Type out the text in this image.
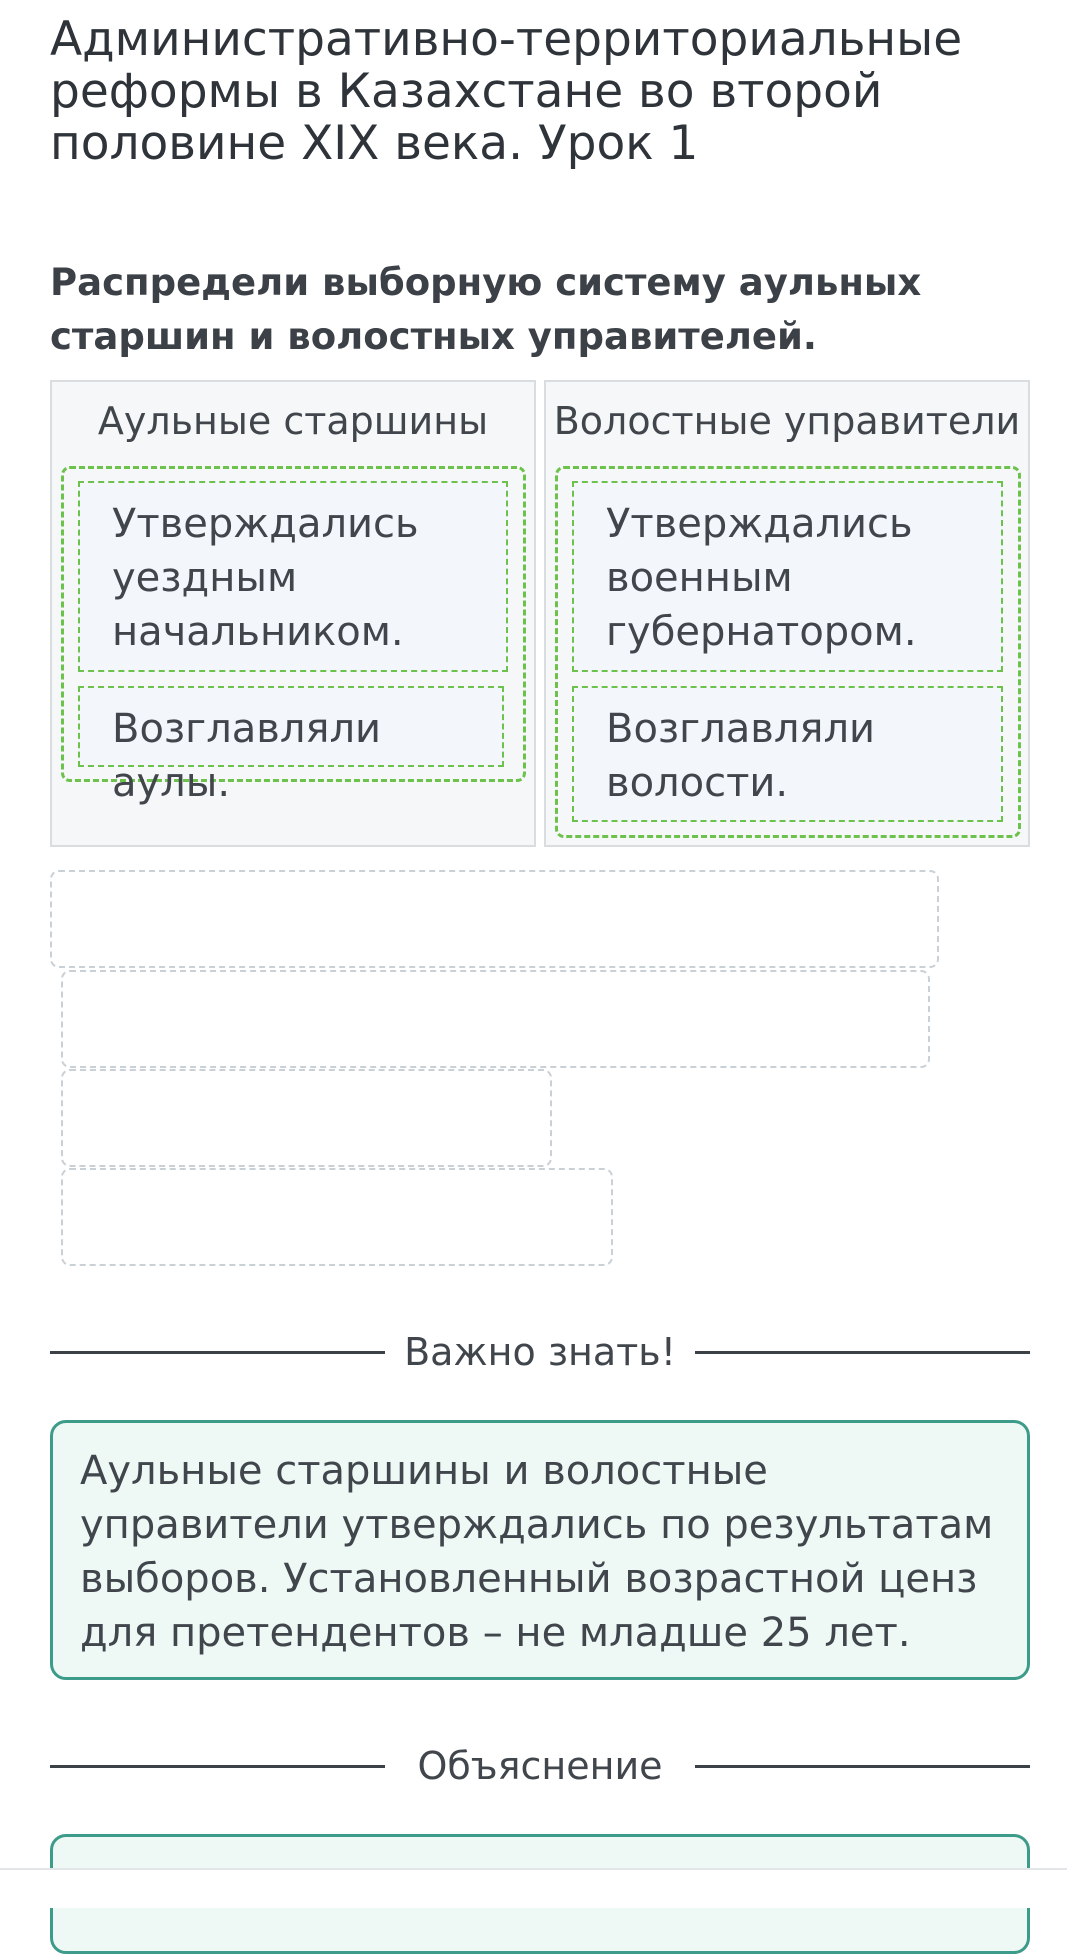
Административно-территориальные реформы в Казахстане во второй половине XIX века. Урок 1
Распредели выборную систему аульных старшин и волостных управителей.
Аульные старшины
Утверждались уездным начальником.
Возглавляли аулы.
Волостные управители
Утверждались военным губернатором.
Возглавляли волости.
Важно знать!
Аульные старшины и волостные управители утверждались по результатам выборов. Установленный возрастной ценз для претендентов – не младше 25 лет.
Объяснение
